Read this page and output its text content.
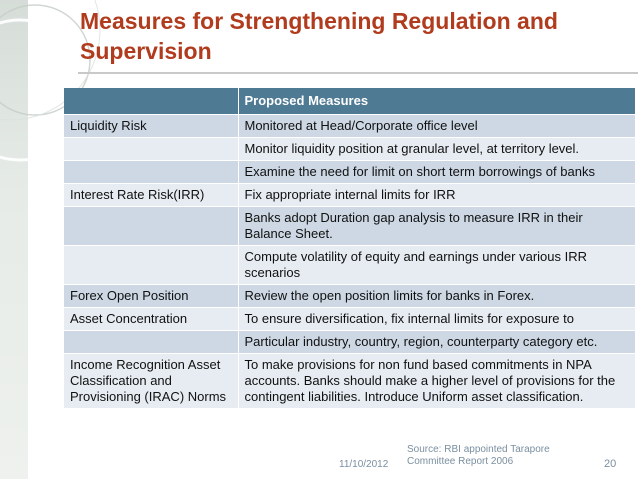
Measures for Strengthening Regulation and Supervision
	Proposed Measures
Liquidity Risk	Monitored at Head/Corporate office level
	Monitor liquidity position at granular level, at territory level.
	Examine the need for limit on short term borrowings of banks
Interest Rate Risk(IRR)	Fix appropriate internal limits for IRR
	Banks adopt Duration gap analysis to measure IRR in their Balance Sheet.
	Compute volatility of equity and earnings under various IRR scenarios
Forex Open Position	Review the open position limits for banks in Forex.
Asset Concentration	To ensure diversification, fix internal limits for exposure to
	Particular industry, country, region, counterparty category etc.
Income Recognition Asset Classification and Provisioning (IRAC) Norms	To make provisions for non fund based commitments in NPA accounts. Banks should make a higher level of provisions for the contingent liabilities. Introduce Uniform asset classification.
Source: RBI appointed Tarapore Committee Report 2006
11/10/2012	20
